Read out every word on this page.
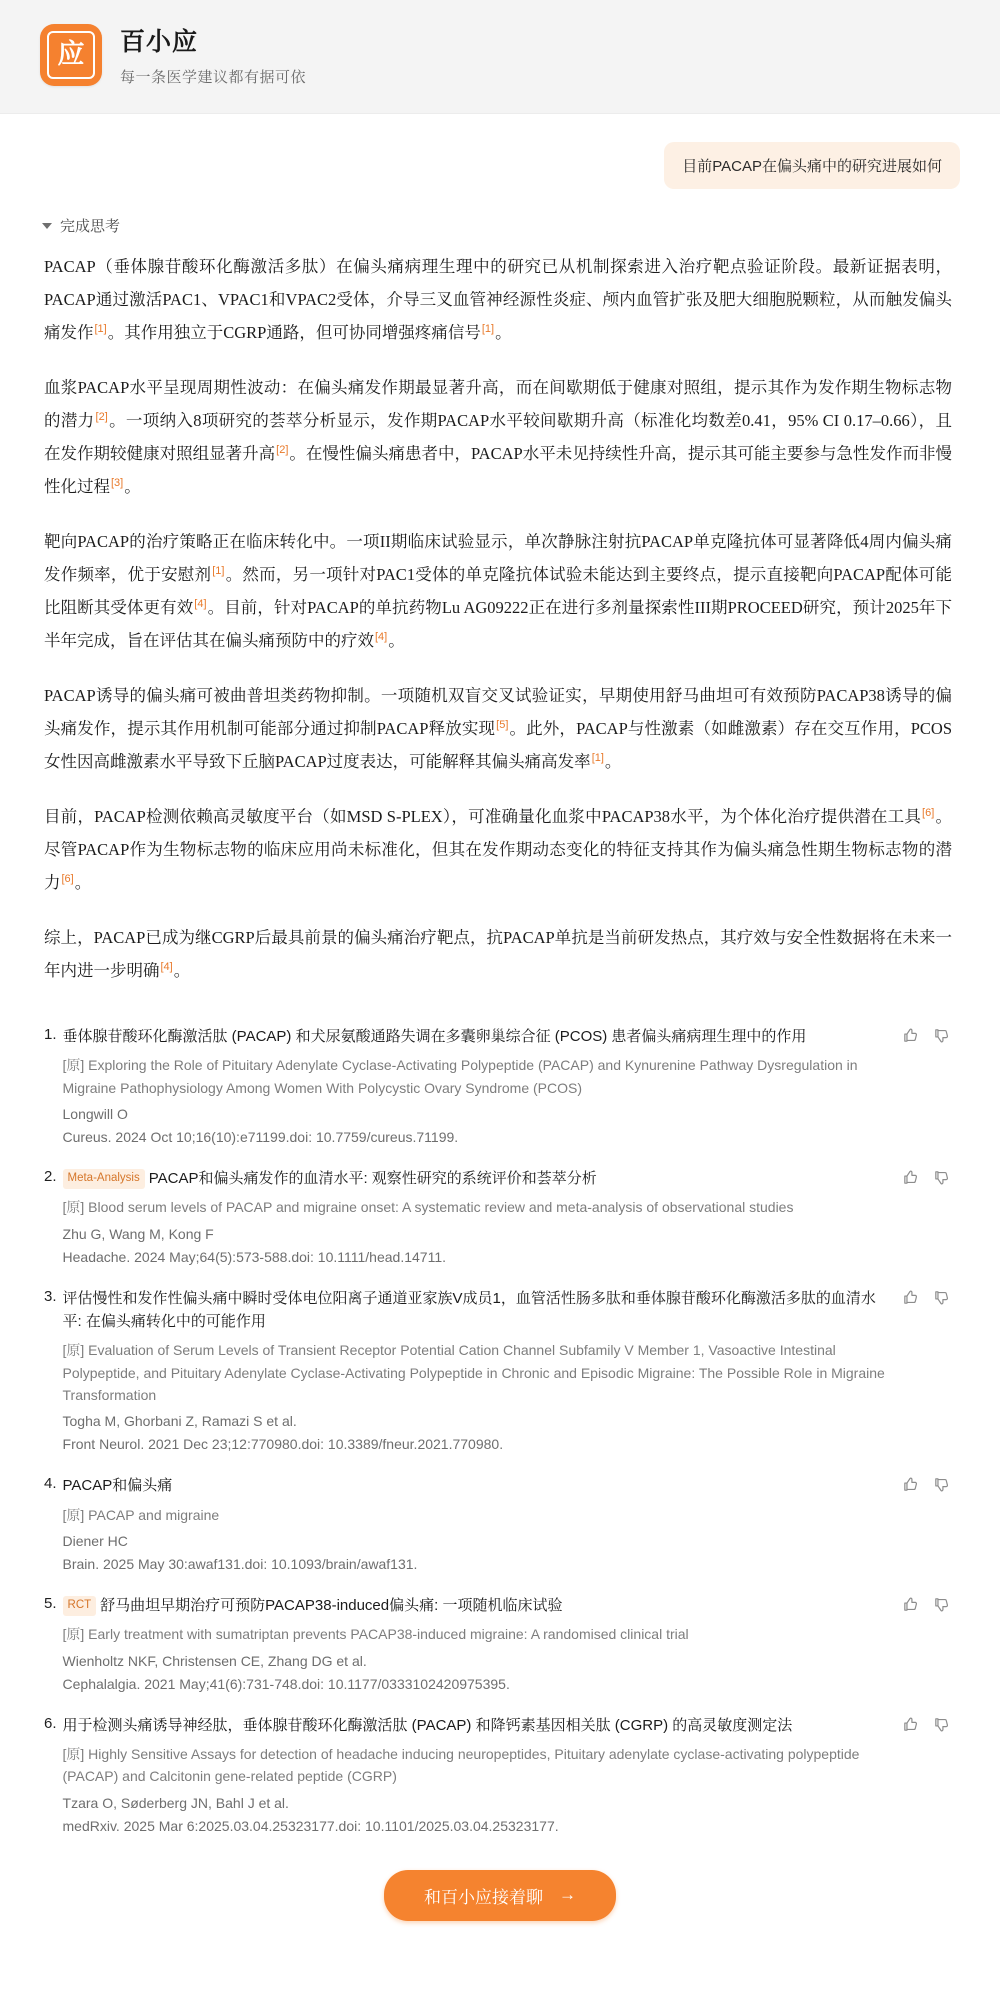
应	百小应
每一条医学建议都有据可依
目前PACAP在偏头痛中的研究进展如何
完成思考

PACAP（垂体腺苷酸环化酶激活多肽）在偏头痛病理生理中的研究已从机制探索进入治疗靶点验证阶段。最新证据表明，PACAP通过激活PAC1、VPAC1和VPAC2受体，介导三叉血管神经源性炎症、颅内血管扩张及肥大细胞脱颗粒，从而触发偏头痛发作[1]。其作用独立于CGRP通路，但可协同增强疼痛信号[1]。

血浆PACAP水平呈现周期性波动：在偏头痛发作期最显著升高，而在间歇期低于健康对照组，提示其作为发作期生物标志物的潜力[2]。一项纳入8项研究的荟萃分析显示，发作期PACAP水平较间歇期升高（标准化均数差0.41，95% CI 0.17–0.66），且在发作期较健康对照组显著升高[2]。在慢性偏头痛患者中，PACAP水平未见持续性升高，提示其可能主要参与急性发作而非慢性化过程[3]。

靶向PACAP的治疗策略正在临床转化中。一项II期临床试验显示，单次静脉注射抗PACAP单克隆抗体可显著降低4周内偏头痛发作频率，优于安慰剂[1]。然而，另一项针对PAC1受体的单克隆抗体试验未能达到主要终点，提示直接靶向PACAP配体可能比阻断其受体更有效[4]。目前，针对PACAP的单抗药物Lu AG09222正在进行多剂量探索性III期PROCEED研究，预计2025年下半年完成，旨在评估其在偏头痛预防中的疗效[4]。

PACAP诱导的偏头痛可被曲普坦类药物抑制。一项随机双盲交叉试验证实，早期使用舒马曲坦可有效预防PACAP38诱导的偏头痛发作，提示其作用机制可能部分通过抑制PACAP释放实现[5]。此外，PACAP与性激素（如雌激素）存在交互作用，PCOS女性因高雌激素水平导致下丘脑PACAP过度表达，可能解释其偏头痛高发率[1]。

目前，PACAP检测依赖高灵敏度平台（如MSD S-PLEX），可准确量化血浆中PACAP38水平，为个体化治疗提供潜在工具[6]。尽管PACAP作为生物标志物的临床应用尚未标准化，但其在发作期动态变化的特征支持其作为偏头痛急性期生物标志物的潜力[6]。

综上，PACAP已成为继CGRP后最具前景的偏头痛治疗靶点，抗PACAP单抗是当前研发热点，其疗效与安全性数据将在未来一年内进一步明确[4]。

1. 垂体腺苷酸环化酶激活肽 (PACAP) 和犬尿氨酸通路失调在多囊卵巢综合征 (PCOS) 患者偏头痛病理生理中的作用
[原] Exploring the Role of Pituitary Adenylate Cyclase-Activating Polypeptide (PACAP) and Kynurenine Pathway Dysregulation in Migraine Pathophysiology Among Women With Polycystic Ovary Syndrome (PCOS)
Longwill O
Cureus. 2024 Oct 10;16(10):e71199.doi: 10.7759/cureus.71199.
2. Meta-Analysis PACAP和偏头痛发作的血清水平: 观察性研究的系统评价和荟萃分析
[原] Blood serum levels of PACAP and migraine onset: A systematic review and meta-analysis of observational studies
Zhu G, Wang M, Kong F
Headache. 2024 May;64(5):573-588.doi: 10.1111/head.14711.
3. 评估慢性和发作性偏头痛中瞬时受体电位阳离子通道亚家族V成员1，血管活性肠多肽和垂体腺苷酸环化酶激活多肽的血清水平: 在偏头痛转化中的可能作用
[原] Evaluation of Serum Levels of Transient Receptor Potential Cation Channel Subfamily V Member 1, Vasoactive Intestinal Polypeptide, and Pituitary Adenylate Cyclase-Activating Polypeptide in Chronic and Episodic Migraine: The Possible Role in Migraine Transformation
Togha M, Ghorbani Z, Ramazi S et al.
Front Neurol. 2021 Dec 23;12:770980.doi: 10.3389/fneur.2021.770980.
4. PACAP和偏头痛
[原] PACAP and migraine
Diener HC
Brain. 2025 May 30:awaf131.doi: 10.1093/brain/awaf131.
5. RCT 舒马曲坦早期治疗可预防PACAP38-induced偏头痛: 一项随机临床试验
[原] Early treatment with sumatriptan prevents PACAP38-induced migraine: A randomised clinical trial
Wienholtz NKF, Christensen CE, Zhang DG et al.
Cephalalgia. 2021 May;41(6):731-748.doi: 10.1177/0333102420975395.
6. 用于检测头痛诱导神经肽，垂体腺苷酸环化酶激活肽 (PACAP) 和降钙素基因相关肽 (CGRP) 的高灵敏度测定法
[原] Highly Sensitive Assays for detection of headache inducing neuropeptides, Pituitary adenylate cyclase-activating polypeptide (PACAP) and Calcitonin gene-related peptide (CGRP)
Tzara O, Søderberg JN, Bahl J et al.
medRxiv. 2025 Mar 6:2025.03.04.25323177.doi: 10.1101/2025.03.04.25323177.
和百小应接着聊 →
